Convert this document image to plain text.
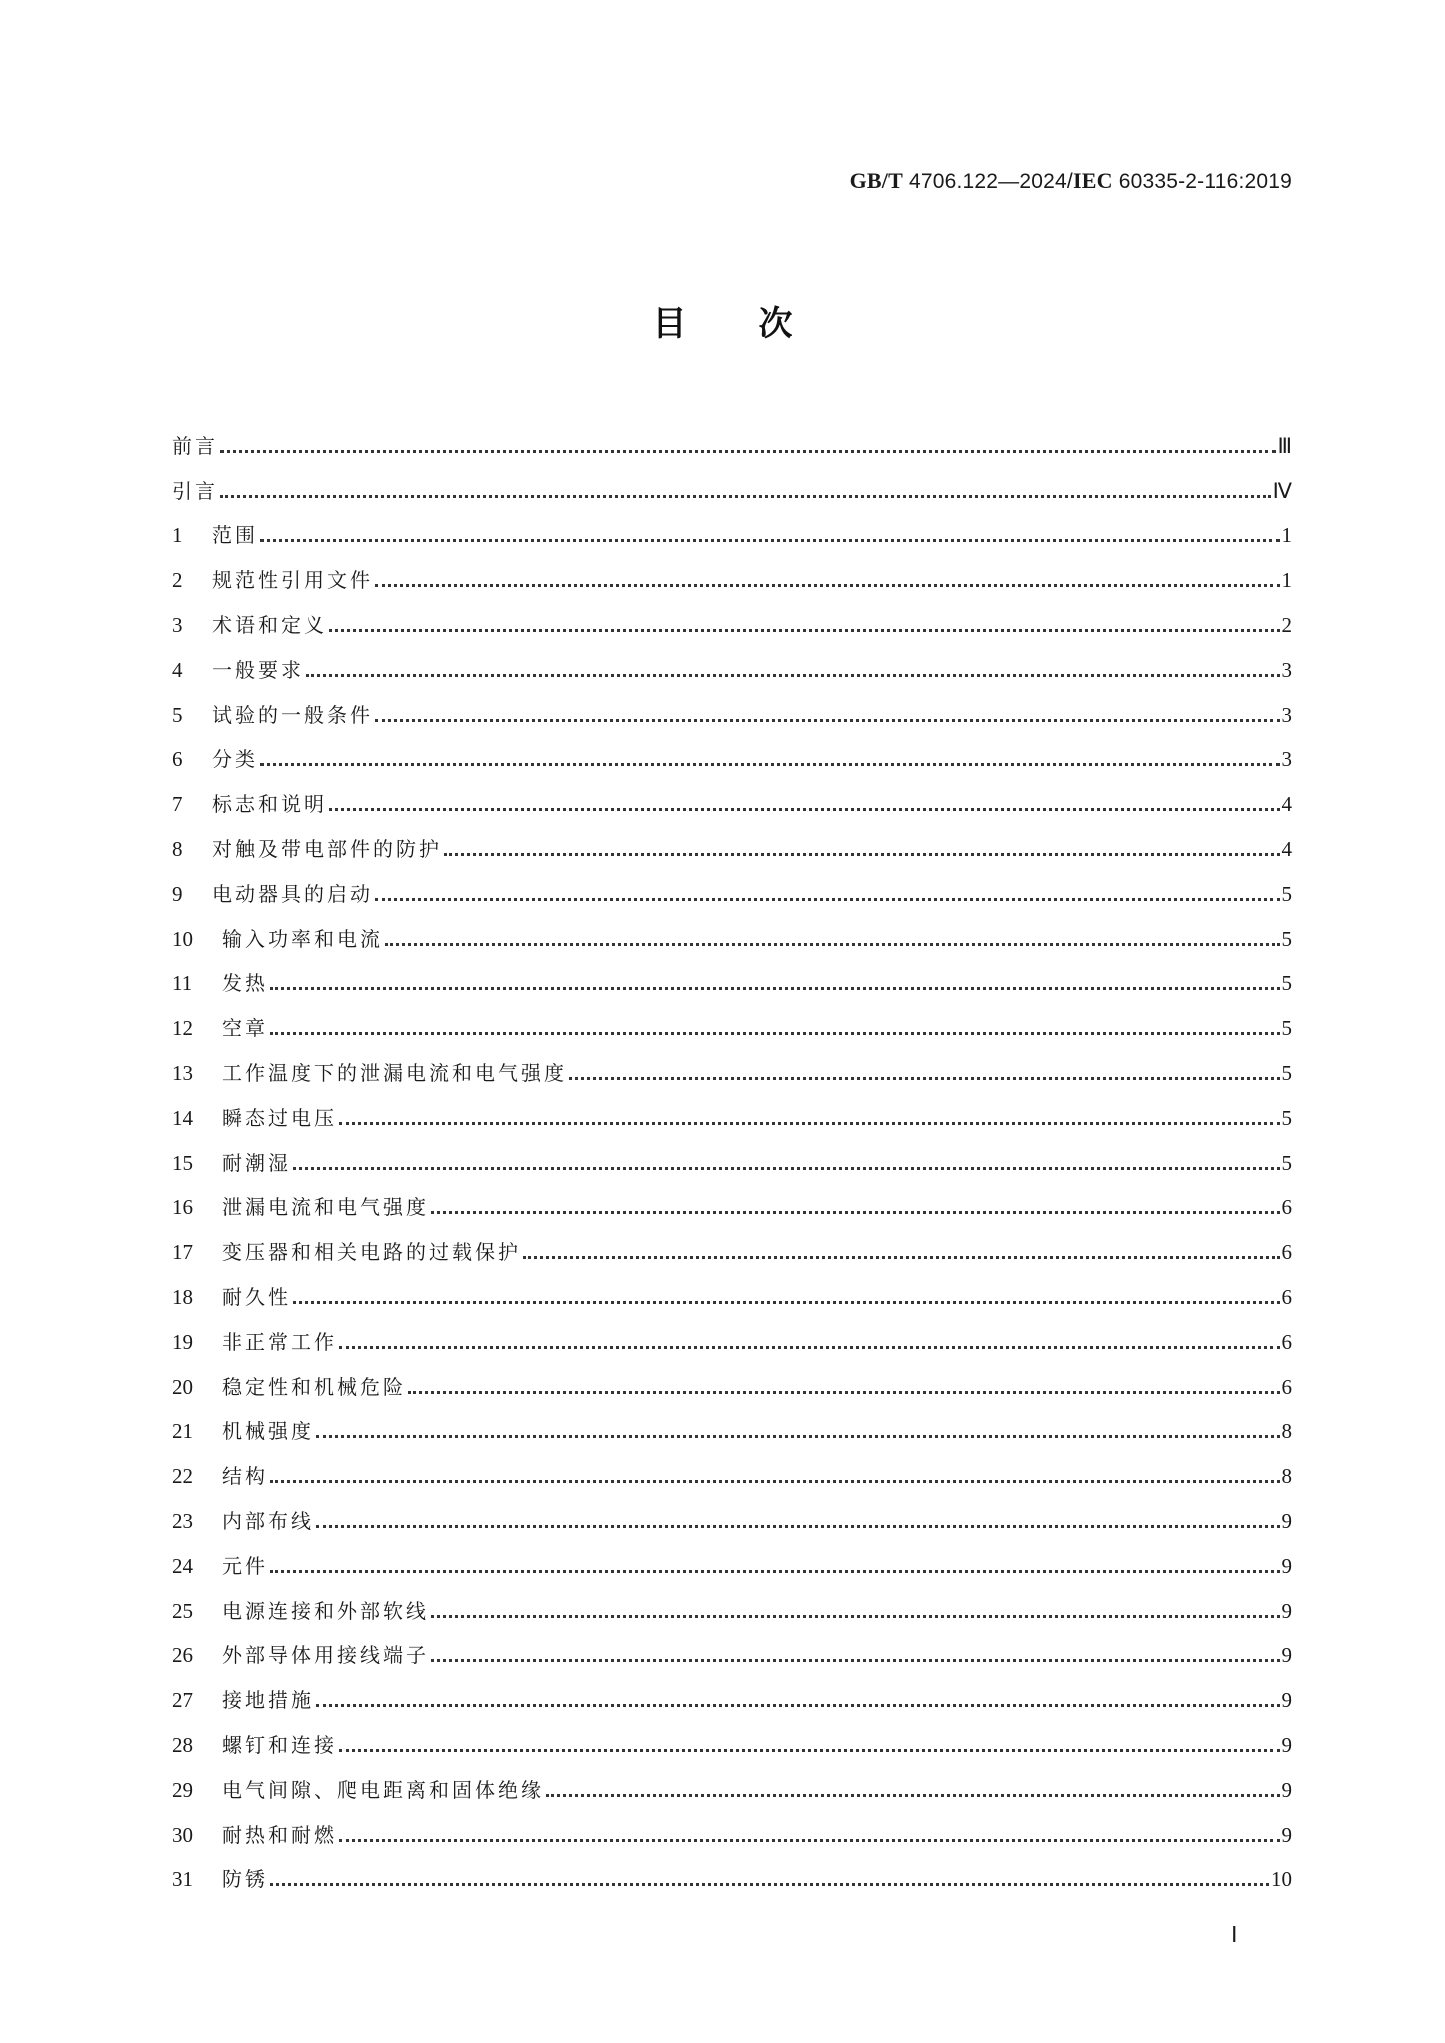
GB/T 4706.122—2024/IEC 60335-2-116:2019
目 次
前言	Ⅲ
引言	Ⅳ
1	范围	1
2	规范性引用文件	1
3	术语和定义	2
4	一般要求	3
5	试验的一般条件	3
6	分类	3
7	标志和说明	4
8	对触及带电部件的防护	4
9	电动器具的启动	5
10	输入功率和电流	5
11	发热	5
12	空章	5
13	工作温度下的泄漏电流和电气强度	5
14	瞬态过电压	5
15	耐潮湿	5
16	泄漏电流和电气强度	6
17	变压器和相关电路的过载保护	6
18	耐久性	6
19	非正常工作	6
20	稳定性和机械危险	6
21	机械强度	8
22	结构	8
23	内部布线	9
24	元件	9
25	电源连接和外部软线	9
26	外部导体用接线端子	9
27	接地措施	9
28	螺钉和连接	9
29	电气间隙、爬电距离和固体绝缘	9
30	耐热和耐燃	9
31	防锈	10
Ⅰ
